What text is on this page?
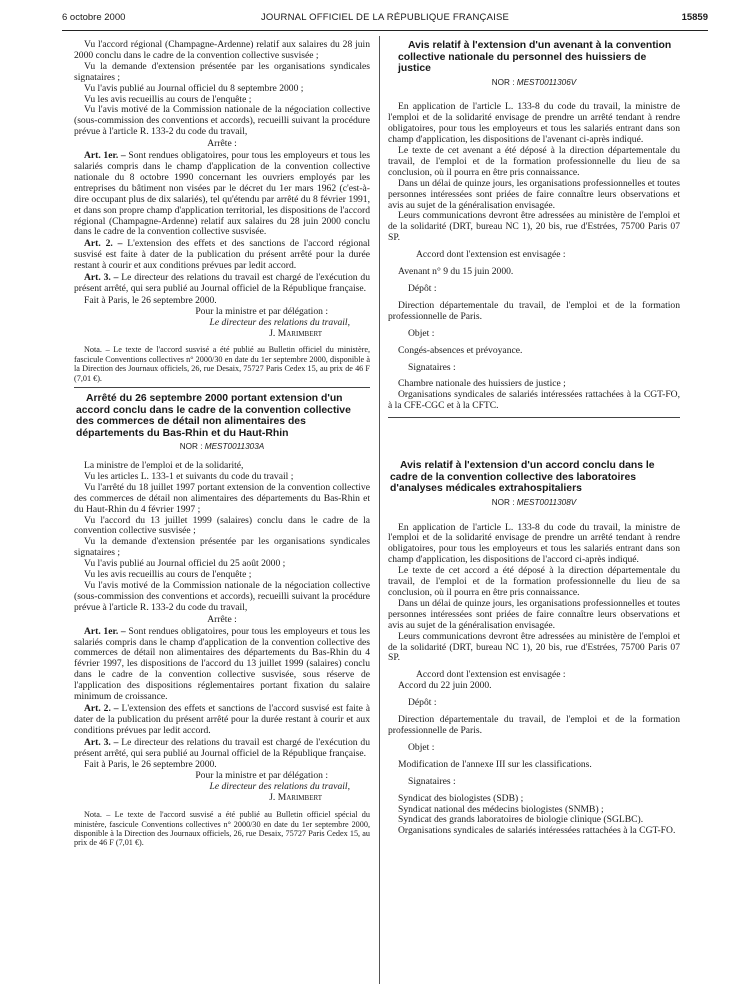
6 octobre 2000	JOURNAL OFFICIEL DE LA RÉPUBLIQUE FRANÇAISE	15859

Vu l'accord régional (Champagne-Ardenne) relatif aux salaires du 28 juin 2000 conclu dans le cadre de la convention collective susvisée ;

Vu la demande d'extension présentée par les organisations syndicales signataires ;

Vu l'avis publié au Journal officiel du 8 septembre 2000 ;

Vu les avis recueillis au cours de l'enquête ;

Vu l'avis motivé de la Commission nationale de la négociation collective (sous-commission des conventions et accords), recueilli suivant la procédure prévue à l'article R. 133-2 du code du travail,

Arrête :

Art. 1er. – Sont rendues obligatoires, pour tous les employeurs et tous les salariés compris dans le champ d'application de la convention collective nationale du 8 octobre 1990 concernant les ouvriers employés par les entreprises du bâtiment non visées par le décret du 1er mars 1962 (c'est-à-dire occupant plus de dix salariés), tel qu'étendu par arrêté du 8 février 1991, et dans son propre champ d'application territorial, les dispositions de l'accord régional (Champagne-Ardenne) relatif aux salaires du 28 juin 2000 conclu dans le cadre de la convention collective susvisée.

Art. 2. – L'extension des effets et des sanctions de l'accord régional susvisé est faite à dater de la publication du présent arrêté pour la durée restant à courir et aux conditions prévues par ledit accord.

Art. 3. – Le directeur des relations du travail est chargé de l'exécution du présent arrêté, qui sera publié au Journal officiel de la République française.

Fait à Paris, le 26 septembre 2000.

Pour la ministre et par délégation :

Le directeur des relations du travail,

J. Marimbert

Nota. – Le texte de l'accord susvisé a été publié au Bulletin officiel du ministère, fascicule Conventions collectives n° 2000/30 en date du 1er septembre 2000, disponible à la Direction des Journaux officiels, 26, rue Desaix, 75727 Paris Cedex 15, au prix de 46 F (7,01 €).

Arrêté du 26 septembre 2000 portant extension d'un accord conclu dans le cadre de la convention collective des commerces de détail non alimentaires des départements du Bas-Rhin et du Haut-Rhin

NOR : MEST0011303A

La ministre de l'emploi et de la solidarité,

Vu les articles L. 133-1 et suivants du code du travail ;

Vu l'arrêté du 18 juillet 1997 portant extension de la convention collective des commerces de détail non alimentaires des départements du Bas-Rhin et du Haut-Rhin du 4 février 1997 ;

Vu l'accord du 13 juillet 1999 (salaires) conclu dans le cadre de la convention collective susvisée ;

Vu la demande d'extension présentée par les organisations syndicales signataires ;

Vu l'avis publié au Journal officiel du 25 août 2000 ;

Vu les avis recueillis au cours de l'enquête ;

Vu l'avis motivé de la Commission nationale de la négociation collective (sous-commission des conventions et accords), recueilli suivant la procédure prévue à l'article R. 133-2 du code du travail,

Arrête :

Art. 1er. – Sont rendues obligatoires, pour tous les employeurs et tous les salariés compris dans le champ d'application de la convention collective des commerces de détail non alimentaires des départements du Bas-Rhin du 4 février 1997, les dispositions de l'accord du 13 juillet 1999 (salaires) conclu dans le cadre de la convention collective susvisée, sous réserve de l'application des dispositions réglementaires portant fixation du salaire minimum de croissance.

Art. 2. – L'extension des effets et sanctions de l'accord susvisé est faite à dater de la publication du présent arrêté pour la durée restant à courir et aux conditions prévues par ledit accord.

Art. 3. – Le directeur des relations du travail est chargé de l'exécution du présent arrêté, qui sera publié au Journal officiel de la République française.

Fait à Paris, le 26 septembre 2000.

Pour la ministre et par délégation :

Le directeur des relations du travail,

J. Marimbert

Nota. – Le texte de l'accord susvisé a été publié au Bulletin officiel spécial du ministère, fascicule Conventions collectives n° 2000/30 en date du 1er septembre 2000, disponible à la Direction des Journaux officiels, 26, rue Desaix, 75727 Paris Cedex 15, au prix de 46 F (7,01 €).

Avis relatif à l'extension d'un avenant à la convention collective nationale du personnel des huissiers de justice

NOR : MEST0011306V

En application de l'article L. 133-8 du code du travail, la ministre de l'emploi et de la solidarité envisage de prendre un arrêté tendant à rendre obligatoires, pour tous les employeurs et tous les salariés entrant dans son champ d'application, les dispositions de l'avenant ci-après indiqué.

Le texte de cet avenant a été déposé à la direction départementale du travail, de l'emploi et de la formation professionnelle du lieu de sa conclusion, où il pourra en être pris connaissance.

Dans un délai de quinze jours, les organisations professionnelles et toutes personnes intéressées sont priées de faire connaître leurs observations et avis au sujet de la généralisation envisagée.

Leurs communications devront être adressées au ministère de l'emploi et de la solidarité (DRT, bureau NC 1), 20 bis, rue d'Estrées, 75700 Paris 07 SP.

Accord dont l'extension est envisagée :

Avenant n° 9 du 15 juin 2000.

Dépôt :

Direction départementale du travail, de l'emploi et de la formation professionnelle de Paris.

Objet :

Congés-absences et prévoyance.

Signataires :

Chambre nationale des huissiers de justice ;

Organisations syndicales de salariés intéressées rattachées à la CGT-FO, à la CFE-CGC et à la CFTC.

Avis relatif à l'extension d'un accord conclu dans le cadre de la convention collective des laboratoires d'analyses médicales extrahospitaliers

NOR : MEST0011308V

En application de l'article L. 133-8 du code du travail, la ministre de l'emploi et de la solidarité envisage de prendre un arrêté tendant à rendre obligatoires, pour tous les employeurs et tous les salariés entrant dans son champ d'application, les dispositions de l'accord ci-après indiqué.

Le texte de cet accord a été déposé à la direction départementale du travail, de l'emploi et de la formation professionnelle du lieu de sa conclusion, où il pourra en être pris connaissance.

Dans un délai de quinze jours, les organisations professionnelles et toutes personnes intéressées sont priées de faire connaître leurs observations et avis au sujet de la généralisation envisagée.

Leurs communications devront être adressées au ministère de l'emploi et de la solidarité (DRT, bureau NC 1), 20 bis, rue d'Estrées, 75700 Paris 07 SP.

Accord dont l'extension est envisagée :

Accord du 22 juin 2000.

Dépôt :

Direction départementale du travail, de l'emploi et de la formation professionnelle de Paris.

Objet :

Modification de l'annexe III sur les classifications.

Signataires :

Syndicat des biologistes (SDB) ;

Syndicat national des médecins biologistes (SNMB) ;

Syndicat des grands laboratoires de biologie clinique (SGLBC).

Organisations syndicales de salariés intéressées rattachées à la CGT-FO.
